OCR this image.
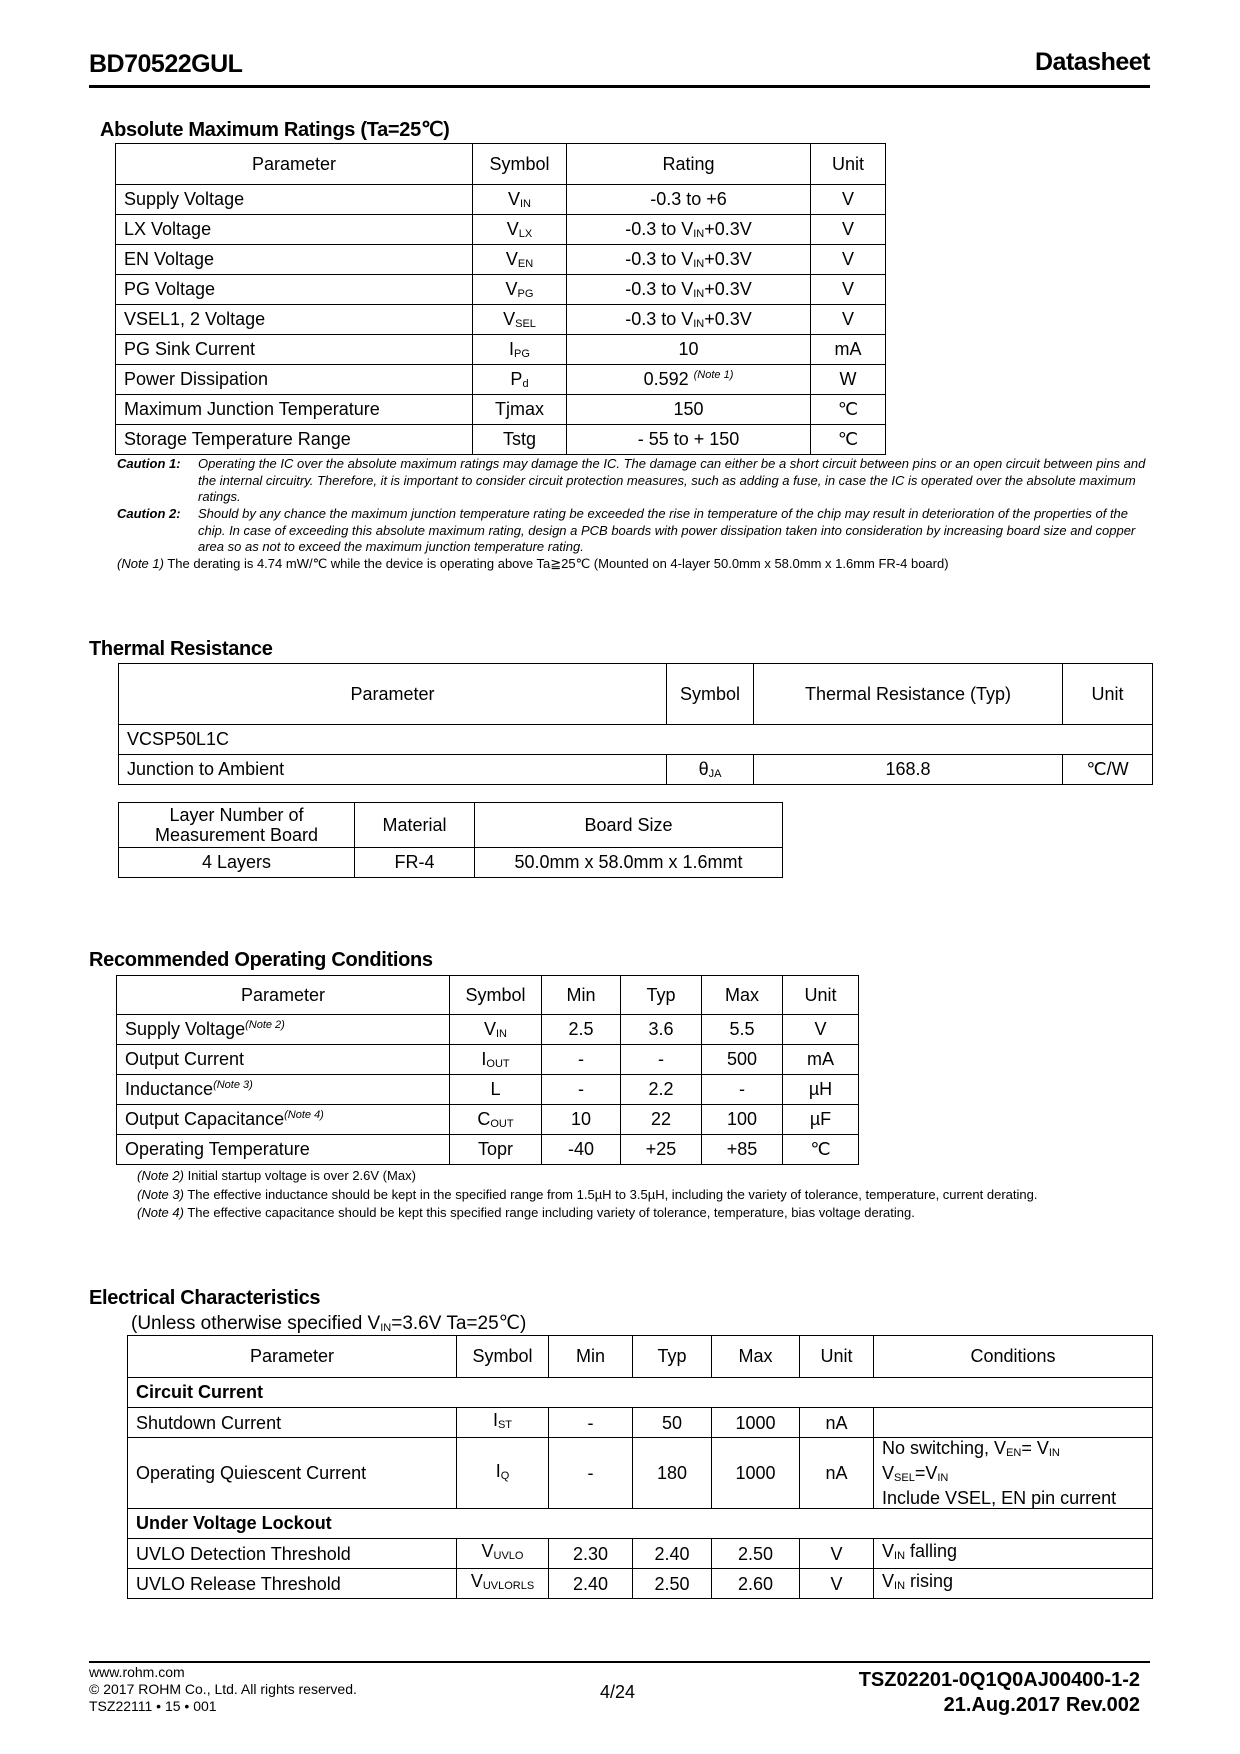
BD70522GUL	Datasheet
Absolute Maximum Ratings (Ta=25℃)
Parameter	Symbol	Rating	Unit
Supply Voltage	VIN	-0.3 to +6	V
LX Voltage	VLX	-0.3 to VIN+0.3V	V
EN Voltage	VEN	-0.3 to VIN+0.3V	V
PG Voltage	VPG	-0.3 to VIN+0.3V	V
VSEL1, 2 Voltage	VSEL	-0.3 to VIN+0.3V	V
PG Sink Current	IPG	10	mA
Power Dissipation	Pd	0.592 $^{(Note 1)}$	W
Maximum Junction Temperature	Tjmax	150	℃
Storage Temperature Range	Tstg	- 55 to + 150	℃
Caution 1: Operating the IC over the absolute maximum ratings may damage the IC. The damage can either be a short circuit between pins or an open circuit between pins and the internal circuitry. Therefore, it is important to consider circuit protection measures, such as adding a fuse, in case the IC is operated over the absolute maximum ratings.
Caution 2: Should by any chance the maximum junction temperature rating be exceeded the rise in temperature of the chip may result in deterioration of the properties of the chip. In case of exceeding this absolute maximum rating, design a PCB boards with power dissipation taken into consideration by increasing board size and copper area so as not to exceed the maximum junction temperature rating.
(Note 1) The derating is 4.74 mW/℃ while the device is operating above Ta≧25℃ (Mounted on 4-layer 50.0mm x 58.0mm x 1.6mm FR-4 board)
Thermal Resistance
Parameter	Symbol	Thermal Resistance (Typ)	Unit
VCSP50L1C			
Junction to Ambient	θJA	168.8	℃/W
Layer Number of Measurement Board	Material	Board Size
4 Layers	FR-4	50.0mm x 58.0mm x 1.6mmt
Recommended Operating Conditions
Parameter	Symbol	Min	Typ	Max	Unit
Supply Voltage$^{(Note 2)}$	VIN	2.5	3.6	5.5	V
Output Current	IOUT	-	-	500	mA
Inductance$^{(Note 3)}$	L	-	2.2	-	µH
Output Capacitance$^{(Note 4)}$	COUT	10	22	100	µF
Operating Temperature	Topr	-40	+25	+85	℃
(Note 2) Initial startup voltage is over 2.6V (Max)
(Note 3) The effective inductance should be kept in the specified range from 1.5µH to 3.5µH, including the variety of tolerance, temperature, current derating.
(Note 4) The effective capacitance should be kept this specified range including variety of tolerance, temperature, bias voltage derating.
Electrical Characteristics
(Unless otherwise specified VIN=3.6V Ta=25℃)
Parameter	Symbol	Min	Typ	Max	Unit	Conditions
Circuit Current						
Shutdown Current	IST	-	50	1000	nA	
Operating Quiescent Current	IQ	-	180	1000	nA	No switching, VEN= VIN
VSEL=VIN
Include VSEL, EN pin current

Under Voltage Lockout						
UVLO Detection Threshold	VUVLO	2.30	2.40	2.50	V	VIN falling

UVLO Release Threshold	VUVLORLS	2.40	2.50	2.60	V	VIN rising
www.rohm.com
© 2017 ROHM Co., Ltd. All rights reserved.
TSZ22111 • 15 • 001
4/24
TSZ02201-0Q1Q0AJ00400-1-2
21.Aug.2017 Rev.002
